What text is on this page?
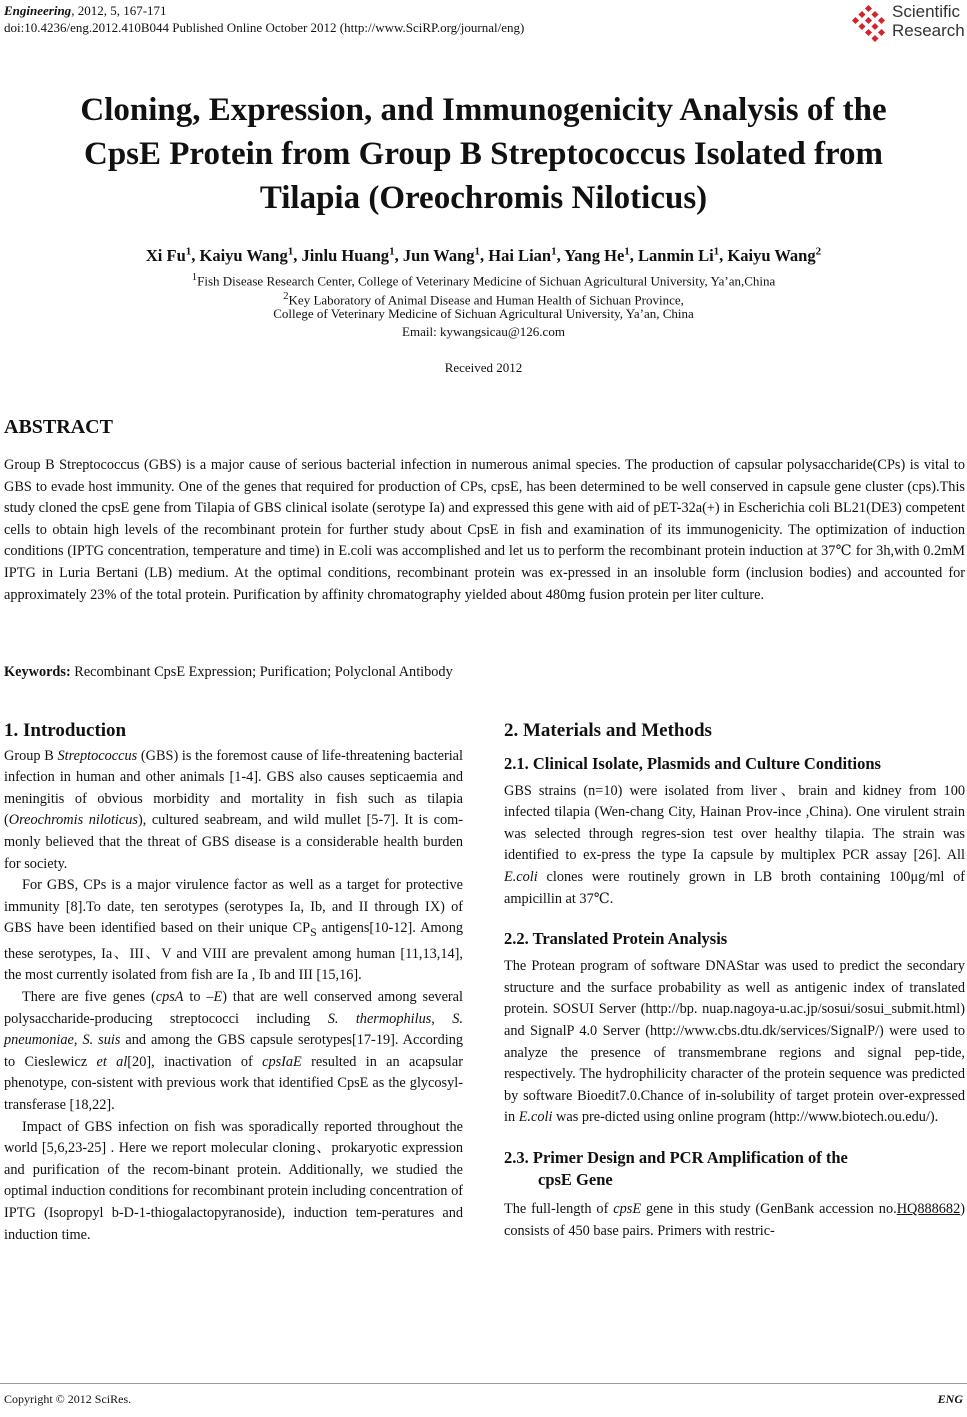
Engineering, 2012, 5, 167-171
doi:10.4236/eng.2012.410B044 Published Online October 2012 (http://www.SciRP.org/journal/eng)
Scientific
Research
Cloning, Expression, and Immunogenicity Analysis of the
CpsE Protein from Group B Streptococcus Isolated from
Tilapia (Oreochromis Niloticus)
Xi Fu$^1$, Kaiyu Wang$^1$, Jinlu Huang$^1$, Jun Wang$^1$, Hai Lian$^1$, Yang He$^1$, Lanmin Li$^1$, Kaiyu Wang$^2$
$^1$Fish Disease Research Center, College of Veterinary Medicine of Sichuan Agricultural University, Ya’an,China
$^2$Key Laboratory of Animal Disease and Human Health of Sichuan Province,
College of Veterinary Medicine of Sichuan Agricultural University, Ya’an, China
Email: kywangsicau@126.com
Received 2012
ABSTRACT
Group B Streptococcus (GBS) is a major cause of serious bacterial infection in numerous animal species. The production of capsular polysaccharide(CPs) is vital to GBS to evade host immunity. One of the genes that required for production of CPs, cpsE, has been determined to be well conserved in capsule gene cluster (cps).This study cloned the cpsE gene from Tilapia of GBS clinical isolate (serotype Ia) and expressed this gene with aid of pET-32a(+) in Escherichia coli BL21(DE3) competent cells to obtain high levels of the recombinant protein for further study about CpsE in fish and examination of its immunogenicity. The optimization of induction conditions (IPTG concentration, temperature and time) in E.coli was accomplished and let us to perform the recombinant protein induction at 37℃ for 3h,with 0.2mM IPTG in Luria Bertani (LB) medium. At the optimal conditions, recombinant protein was ex-pressed in an insoluble form (inclusion bodies) and accounted for approximately 23% of the total protein. Purification by affinity chromatography yielded about 480mg fusion protein per liter culture.
Keywords: Recombinant CpsE Expression; Purification; Polyclonal Antibody
1. Introduction

Group B Streptococcus (GBS) is the foremost cause of life-threatening bacterial infection in human and other animals [1-4]. GBS also causes septicaemia and meningitis of obvious morbidity and mortality in fish such as tilapia (Oreochromis niloticus), cultured seabream, and wild mullet [5-7]. It is com-monly believed that the threat of GBS disease is a considerable health burden for society.

For GBS, CPs is a major virulence factor as well as a target for protective immunity [8].To date, ten serotypes (serotypes Ia, Ib, and II through IX) of GBS have been identified based on their unique $CP_S$ antigens[10-12]. Among these serotypes, Ia、III、V and VIII are prevalent among human [11,13,14], the most currently isolated from fish are Ia , Ib and III [15,16].

There are five genes (cpsA to –E) that are well conserved among several polysaccharide-producing streptococci including S. thermophilus, S. pneumoniae, S. suis and among the GBS capsule serotypes[17-19]. According to Cieslewicz et al[20], inactivation of cpsIaE resulted in an acapsular phenotype, con-sistent with previous work that identified CpsE as the glycosyl-transferase [18,22].

Impact of GBS infection on fish was sporadically reported throughout the world [5,6,23-25] . Here we report molecular cloning、prokaryotic expression and purification of the recom-binant protein. Additionally, we studied the optimal induction conditions for recombinant protein including concentration of IPTG (Isopropyl b-D-1-thiogalactopyranoside), induction tem-peratures and induction time.

2. Materials and Methods
2.1. Clinical Isolate, Plasmids and Culture Conditions

GBS strains (n=10) were isolated from liver、brain and kidney from 100 infected tilapia (Wen-chang City, Hainan Prov-ince ,China). One virulent strain was selected through regres-sion test over healthy tilapia. The strain was identified to ex-press the type Ia capsule by multiplex PCR assay [26]. All E.coli clones were routinely grown in LB broth containing 100μg/ml of ampicillin at 37℃.

2.2. Translated Protein Analysis

The Protean program of software DNAStar was used to predict the secondary structure and the surface probability as well as antigenic index of translated protein. SOSUI Server (http://bp. nuap.nagoya-u.ac.jp/sosui/sosui_submit.html) and SignalP 4.0 Server (http://www.cbs.dtu.dk/services/SignalP/) were used to analyze the presence of transmembrane regions and signal pep-tide, respectively. The hydrophilicity character of the protein sequence was predicted by software Bioedit7.0.Chance of in-solubility of target protein over-expressed in E.coli was pre-dicted using online program (http://www.biotech.ou.edu/).

2.3. Primer Design and PCR Amplification of the
cpsE Gene

The full-length of cpsE gene in this study (GenBank accession no.HQ888682) consists of 450 base pairs. Primers with restric-

Copyright © 2012 SciRes.	ENG
